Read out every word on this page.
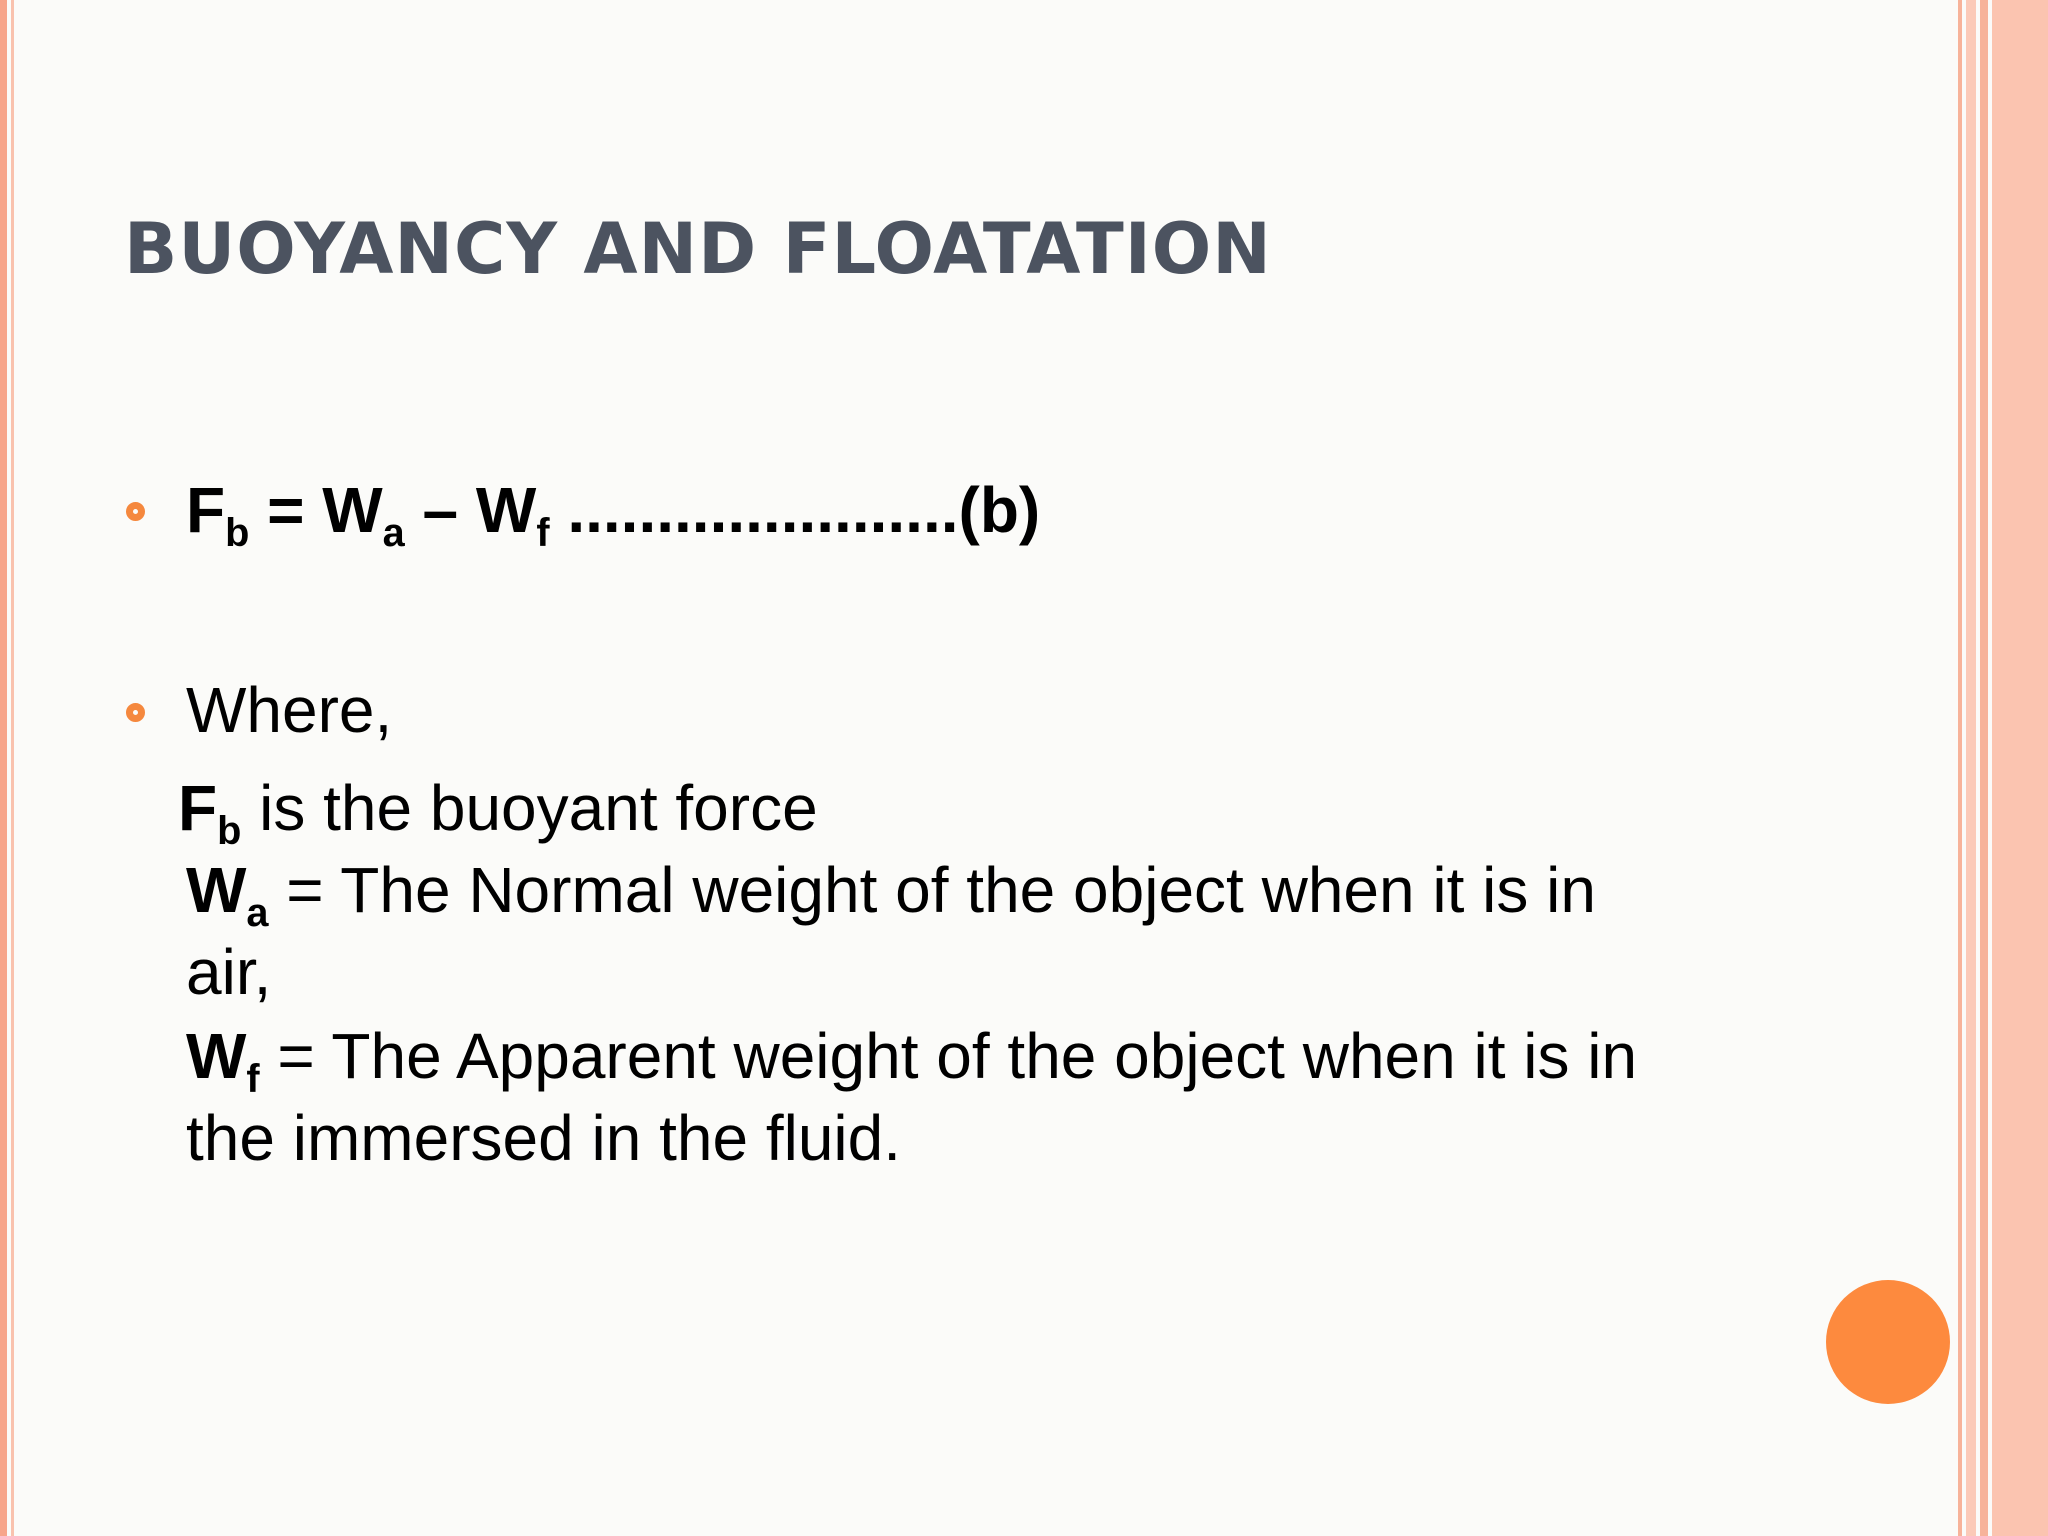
BUOYANCY AND FLOATATION
$F_b = W_a - W_f$ ......................(b)
Where,
$F_b$ is the buoyant force
$W_a$ = The Normal weight of the object when it is in
air,
$W_f$ = The Apparent weight of the object when it is in
the immersed in the fluid.
